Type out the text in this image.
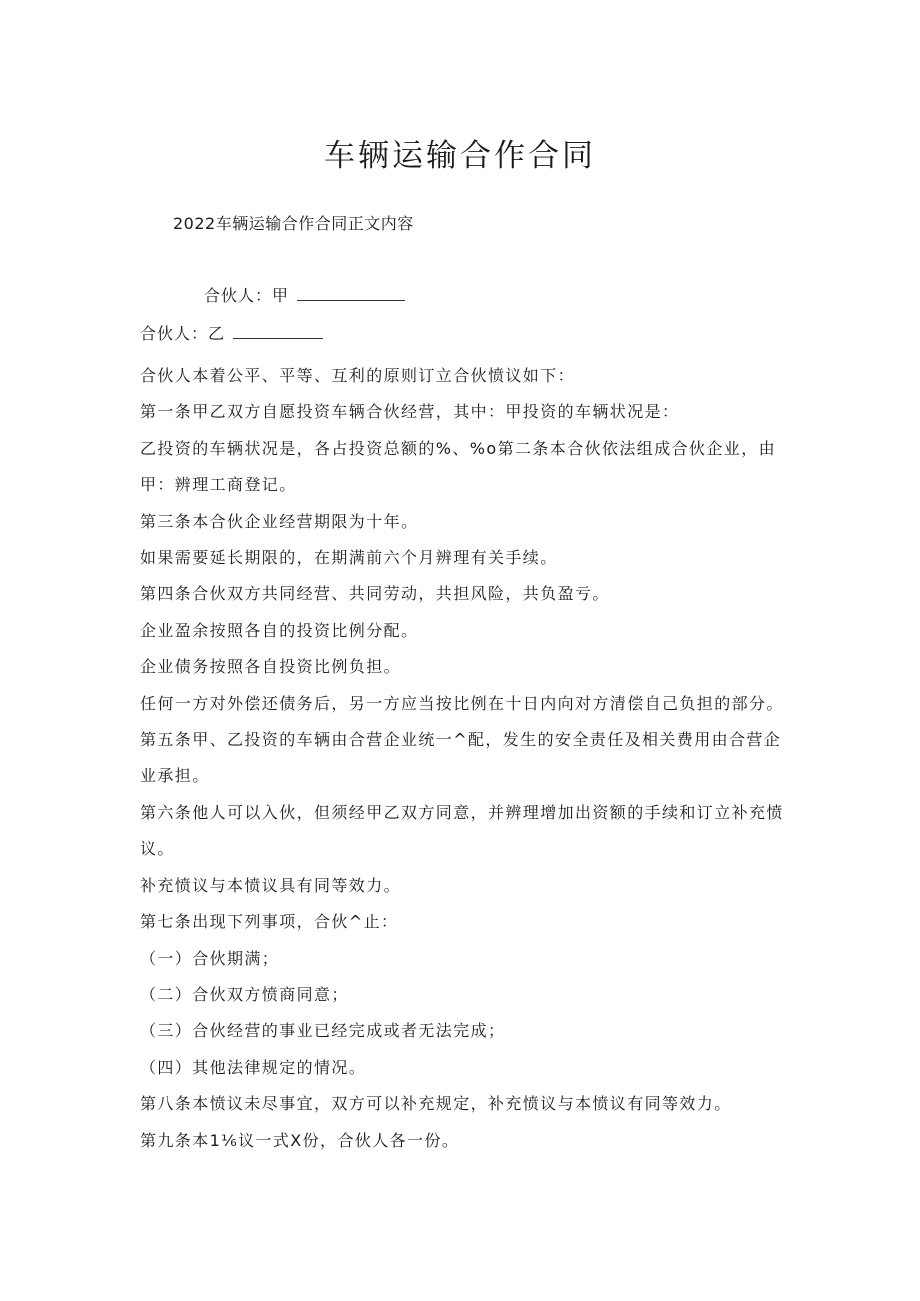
车辆运输合作合同
2022车辆运输合作合同正文内容
合伙人：甲
合伙人：乙

合伙人本着公平、平等、互利的原则订立合伙愤议如下：

第一条甲乙双方自愿投资车辆合伙经营，其中：甲投资的车辆状况是：

乙投资的车辆状况是，各占投资总额的%、%o第二条本合伙依法组成合伙企业，由甲：辨理工商登记。

第三条本合伙企业经营期限为十年。

如果需要延长期限的，在期满前六个月辨理有关手续。

第四条合伙双方共同经营、共同劳动，共担风险，共负盈亏。

企业盈余按照各自的投资比例分配。

企业债务按照各自投资比例负担。

任何一方对外偿还债务后，另一方应当按比例在十日内向对方清偿自己负担的部分。

第五条甲、乙投资的车辆由合营企业统一^配，发生的安全责任及相关费用由合营企业承担。

第六条他人可以入伙，但须经甲乙双方同意，并辨理增加出资额的手续和订立补充愤议。

补充愤议与本愤议具有同等效力。

第七条出现下列事项，合伙^止：

（一）合伙期满；

（二）合伙双方愤商同意；

（三）合伙经营的事业已经完成或者无法完成；

（四）其他法律规定的情况。

第八条本愤议未尽事宜，双方可以补充规定，补充愤议与本愤议有同等效力。

第九条本1⅙议一式X份，合伙人各一份。
